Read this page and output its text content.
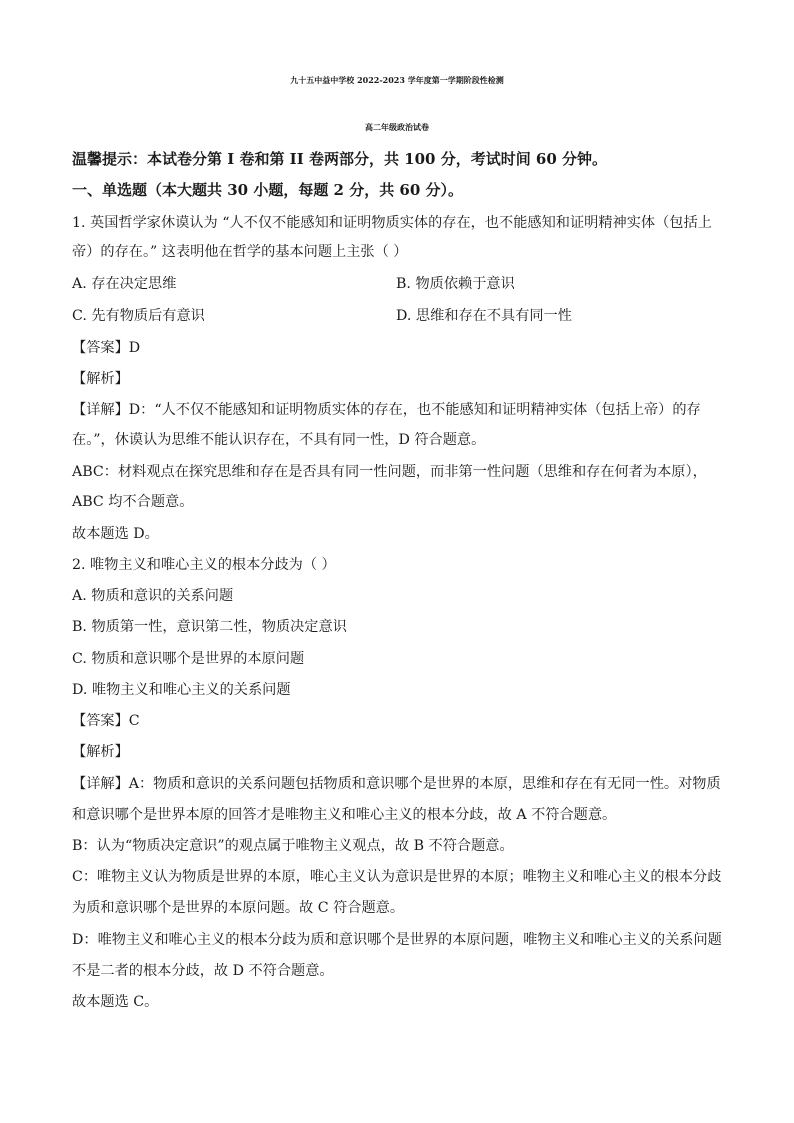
九十五中益中学校 2022-2023 学年度第一学期阶段性检测
高二年级政治试卷
温馨提示：本试卷分第 I 卷和第 II 卷两部分，共 100 分，考试时间 60 分钟。
一、单选题（本大题共 30 小题，每题 2 分，共 60 分）。
1. 英国哲学家休谟认为 “人不仅不能感知和证明物质实体的存在，也不能感知和证明精神实体（包括上
帝）的存在。” 这表明他在哲学的基本问题上主张（ ）
A. 存在决定思维	B. 物质依赖于意识
C. 先有物质后有意识	D. 思维和存在不具有同一性
【答案】D
【解析】
【详解】D：“人不仅不能感知和证明物质实体的存在，也不能感知和证明精神实体（包括上帝）的存
在。”，休谟认为思维不能认识存在，不具有同一性，D 符合题意。
ABC：材料观点在探究思维和存在是否具有同一性问题，而非第一性问题（思维和存在何者为本原），
ABC 均不合题意。
故本题选 D。
2. 唯物主义和唯心主义的根本分歧为（ ）
A. 物质和意识的关系问题
B. 物质第一性，意识第二性，物质决定意识
C. 物质和意识哪个是世界的本原问题
D. 唯物主义和唯心主义的关系问题
【答案】C
【解析】
【详解】A：物质和意识的关系问题包括物质和意识哪个是世界的本原，思维和存在有无同一性。对物质
和意识哪个是世界本原的回答才是唯物主义和唯心主义的根本分歧，故 A 不符合题意。
B：认为“物质决定意识”的观点属于唯物主义观点，故 B 不符合题意。
C：唯物主义认为物质是世界的本原，唯心主义认为意识是世界的本原；唯物主义和唯心主义的根本分歧
为质和意识哪个是世界的本原问题。故 C 符合题意。
D：唯物主义和唯心主义的根本分歧为质和意识哪个是世界的本原问题，唯物主义和唯心主义的关系问题
不是二者的根本分歧，故 D 不符合题意。
故本题选 C。
